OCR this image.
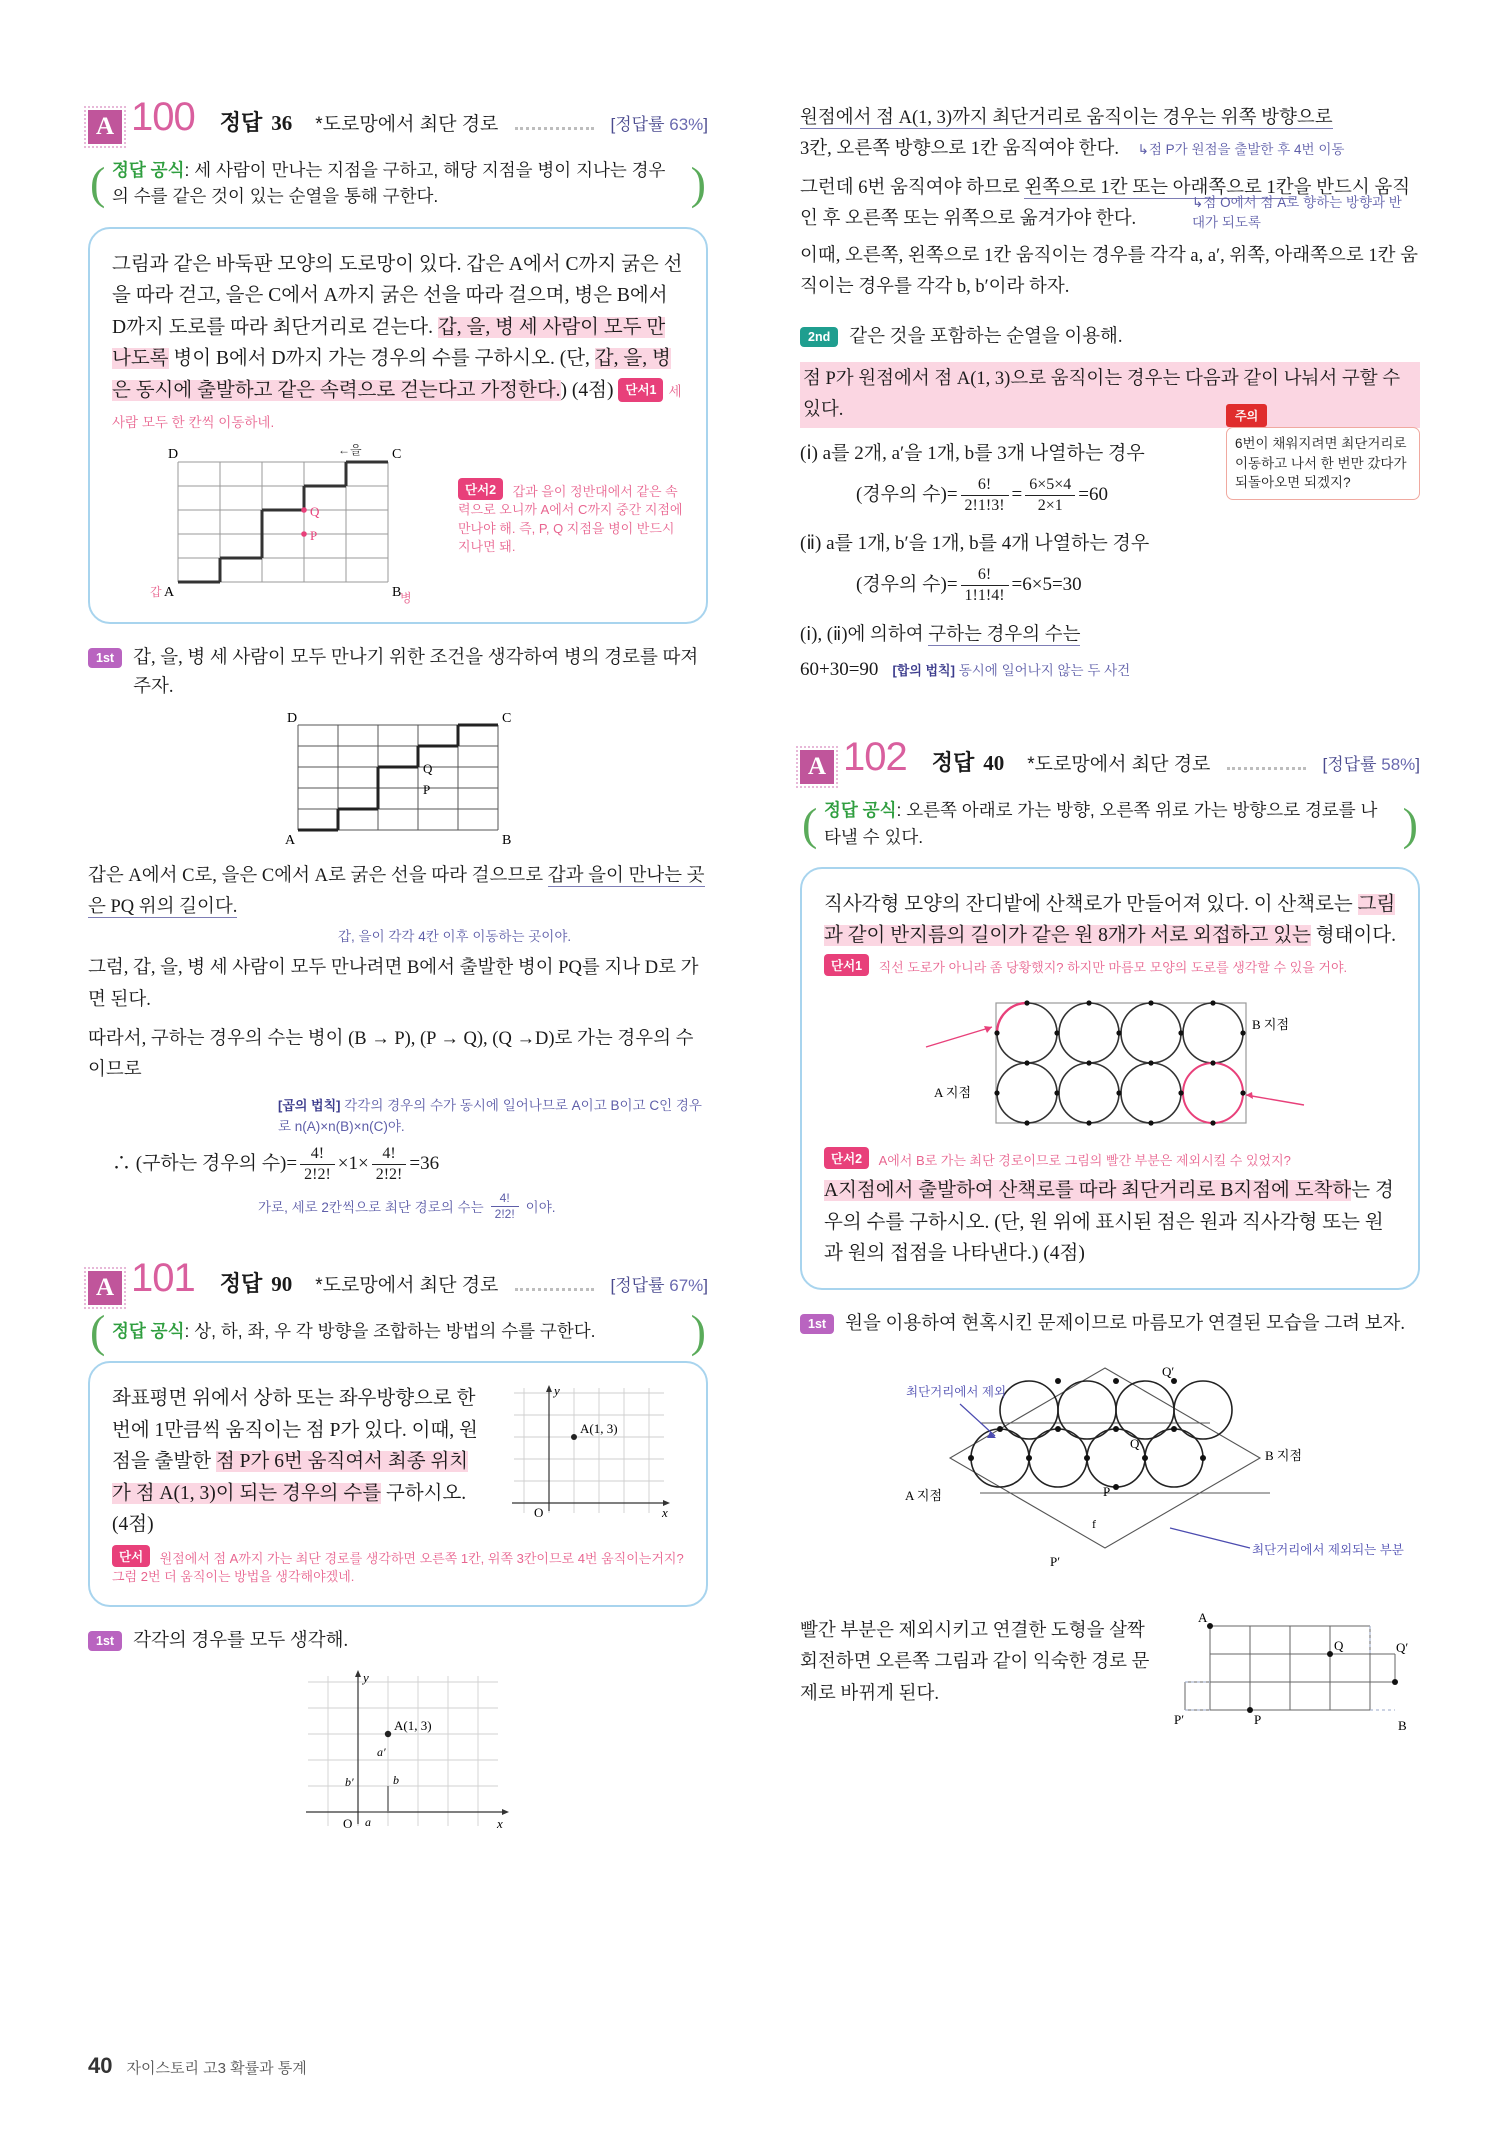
A 100 정답 36 *도로망에서 최단 경로	[정답률 63%]
( 정답 공식: 세 사람이 만나는 지점을 구하고, 해당 지점을 병이 지나는 경우의 수를 같은 것이 있는 순열을 통해 구한다. )

그림과 같은 바둑판 모양의 도로망이 있다. 갑은 A에서 C까지 굵은 선을 따라 걷고, 을은 C에서 A까지 굵은 선을 따라 걸으며, 병은 B에서 D까지 도로를 따라 최단거리로 걷는다. 갑, 을, 병 세 사람이 모두 만나도록 병이 B에서 D까지 가는 경우의 수를 구하시오. (단, 갑, 을, 병은 동시에 출발하고 같은 속력으로 걷는다고 가정한다.) (4점) 단서1 세 사람 모두 한 칸씩 이동하네.

D	C
A	B
Q
P
←을
갑	병
단서2 갑과 을이 정반대에서 같은 속력으로 오니까 A에서 C까지 중간 지점에 만나야 해. 즉, P, Q 지점을 병이 반드시 지나면 돼.
1st	갑, 을, 병 세 사람이 모두 만나기 위한 조건을 생각하여 병의 경로를 따져 주자.
D	C
A	B
Q
P
갑은 A에서 C로, 을은 C에서 A로 굵은 선을 따라 걸으므로 갑과 을이 만나는 곳은 PQ 위의 길이다.
갑, 을이 각각 4칸 이후 이동하는 곳이야.
그럼, 갑, 을, 병 세 사람이 모두 만나려면 B에서 출발한 병이 PQ를 지나 D로 가면 된다.
따라서, 구하는 경우의 수는 병이 (B → P), (P → Q), (Q →D)로 가는 경우의 수이므로
[곱의 법칙] 각각의 경우의 수가 동시에 일어나므로 A이고 B이고 C인 경우로 n(A)×n(B)×n(C)야.
∴ (구하는 경우의 수)= $\frac{4!}{2!2!} \times 1\times \frac{4!}{2!2!} =36$
가로, 세로 2칸씩으로 최단 경로의 수는 $\frac{4!}{2!2!}$ 이야.
A 101 정답 90 *도로망에서 최단 경로	[정답률 67%]
( 정답 공식: 상, 하, 좌, 우 각 방향을 조합하는 방법의 수를 구한다. )

좌표평면 위에서 상하 또는 좌우방향으로 한 번에 1만큼씩 움직이는 점 P가 있다. 이때, 원점을 출발한 점 P가 6번 움직여서 최종 위치가 점 A(1, 3)이 되는 경우의 수를 구하시오. (4점)

A(1, 3)
y
x
O
단서 원점에서 점 A까지 가는 최단 경로를 생각하면 오른쪽 1칸, 위쪽 3칸이므로 4번 움직이는거지? 그럼 2번 더 움직이는 방법을 생각해야겠네.
1st	각각의 경우를 모두 생각해.
A(1, 3)
y
x
O
a′
b
b′
a
원점에서 점 A(1, 3)까지 최단거리로 움직이는 경우는 위쪽 방향으로
3칸, 오른쪽 방향으로 1칸 움직여야 한다. ↳점 P가 원점을 출발한 후 4번 이동
그런데 6번 움직여야 하므로 왼쪽으로 1칸 또는 아래쪽으로 1칸을 반드시 움직인 후 오른쪽 또는 위쪽으로 옮겨가야 한다.
↳점 O에서 점 A로 향하는 방향과 반대가 되도록
이때, 오른쪽, 왼쪽으로 1칸 움직이는 경우를 각각 a, a′, 위쪽, 아래쪽으로 1칸 움직이는 경우를 각각 b, b′이라 하자.
2nd	같은 것을 포함하는 순열을 이용해.
점 P가 원점에서 점 A(1, 3)으로 움직이는 경우는 다음과 같이 나눠서 구할 수 있다.
(ⅰ) a를 2개, a′을 1개, b를 3개 나열하는 경우
(경우의 수)= $\frac{6!}{2!1!3!} = \frac{6\times 5\times 4}{2\times 1} =60$
주의
6번이 채워지려면 최단거리로 이동하고 나서 한 번만 갔다가 되돌아오면 되겠지?
(ⅱ) a를 1개, b′을 1개, b를 4개 나열하는 경우
(경우의 수)= $\frac{6!}{1!1!4!} =6\times 5=30$
(ⅰ), (ⅱ)에 의하여 구하는 경우의 수는
60+30=90 [합의 법칙] 동시에 일어나지 않는 두 사건
A 102 정답 40 *도로망에서 최단 경로	[정답률 58%]
( 정답 공식: 오른쪽 아래로 가는 방향, 오른쪽 위로 가는 방향으로 경로를 나타낼 수 있다. )

직사각형 모양의 잔디밭에 산책로가 만들어져 있다. 이 산책로는 그림과 같이 반지름의 길이가 같은 원 8개가 서로 외접하고 있는 형태이다.

단서1 직선 도로가 아니라 좀 당황했지? 하지만 마름모 모양의 도로를 생각할 수 있을 거야.
B 지점
A 지점
단서2 A에서 B로 가는 최단 경로이므로 그림의 빨간 부분은 제외시킬 수 있었지?

A지점에서 출발하여 산책로를 따라 최단거리로 B지점에 도착하는 경우의 수를 구하시오. (단, 원 위에 표시된 점은 원과 직사각형 또는 원과 원의 접점을 나타낸다.) (4점)

1st	원을 이용하여 현혹시킨 문제이므로 마름모가 연결된 모습을 그려 보자.
A 지점
B 지점
Q
P
Q′
P′
f
최단거리에서 제외
최단거리에서 제외되는 부분
빨간 부분은 제외시키고 연결한 도형을 살짝 회전하면 오른쪽 그림과 같이 익숙한 경로 문제로 바뀌게 된다.
A
B
Q
P
Q′
P′
40 자이스토리 고3 확률과 통계
